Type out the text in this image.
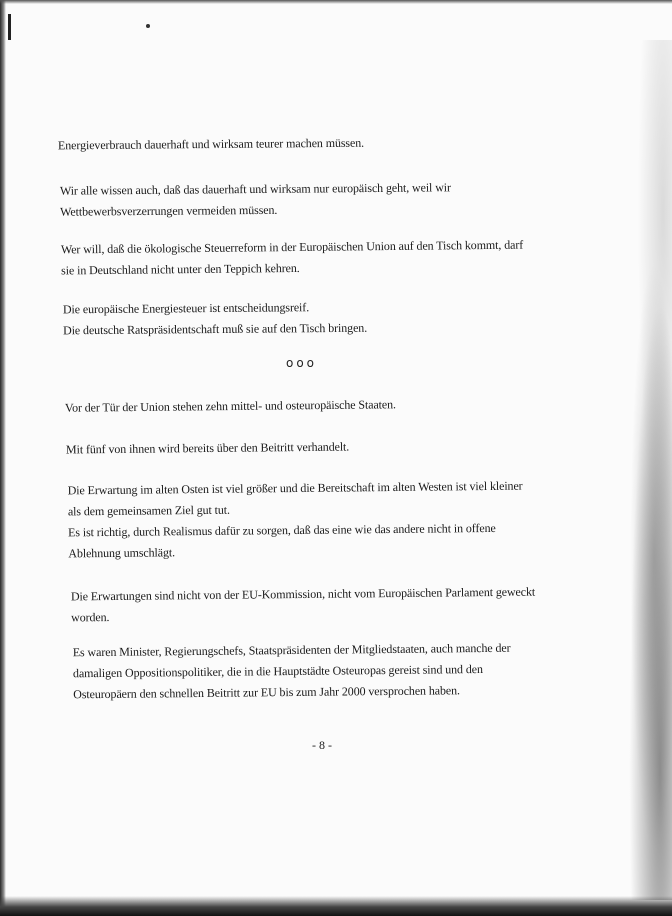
Energieverbrauch dauerhaft und wirksam teurer machen müssen.
Wir alle wissen auch, daß das dauerhaft und wirksam nur europäisch geht, weil wir
Wettbewerbsverzerrungen vermeiden müssen.
Wer will, daß die ökologische Steuerreform in der Europäischen Union auf den Tisch kommt, darf
sie in Deutschland nicht unter den Teppich kehren.
Die europäische Energiesteuer ist entscheidungsreif.
Die deutsche Ratspräsidentschaft muß sie auf den Tisch bringen.
ooo
Vor der Tür der Union stehen zehn mittel- und osteuropäische Staaten.
Mit fünf von ihnen wird bereits über den Beitritt verhandelt.
Die Erwartung im alten Osten ist viel größer und die Bereitschaft im alten Westen ist viel kleiner
als dem gemeinsamen Ziel gut tut.
Es ist richtig, durch Realismus dafür zu sorgen, daß das eine wie das andere nicht in offene
Ablehnung umschlägt.
Die Erwartungen sind nicht von der EU-Kommission, nicht vom Europäischen Parlament geweckt
worden.
Es waren Minister, Regierungschefs, Staatspräsidenten der Mitgliedstaaten, auch manche der
damaligen Oppositionspolitiker, die in die Hauptstädte Osteuropas gereist sind und den
Osteuropäern den schnellen Beitritt zur EU bis zum Jahr 2000 versprochen haben.
- 8 -
